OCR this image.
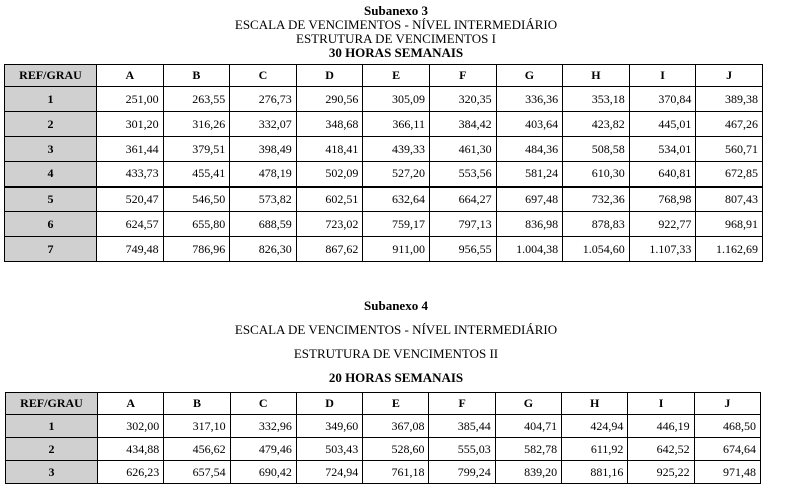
Subanexo 3
ESCALA DE VENCIMENTOS - NÍVEL INTERMEDIÁRIO
ESTRUTURA DE VENCIMENTOS I
30 HORAS SEMANAIS
REF/GRAU	A	B	C	D	E	F	G	H	I	J
1	251,00	263,55	276,73	290,56	305,09	320,35	336,36	353,18	370,84	389,38
2	301,20	316,26	332,07	348,68	366,11	384,42	403,64	423,82	445,01	467,26
3	361,44	379,51	398,49	418,41	439,33	461,30	484,36	508,58	534,01	560,71
4	433,73	455,41	478,19	502,09	527,20	553,56	581,24	610,30	640,81	672,85
5	520,47	546,50	573,82	602,51	632,64	664,27	697,48	732,36	768,98	807,43
6	624,57	655,80	688,59	723,02	759,17	797,13	836,98	878,83	922,77	968,91
7	749,48	786,96	826,30	867,62	911,00	956,55	1.004,38	1.054,60	1.107,33	1.162,69
Subanexo 4
ESCALA DE VENCIMENTOS - NÍVEL INTERMEDIÁRIO
ESTRUTURA DE VENCIMENTOS II
20 HORAS SEMANAIS
REF/GRAU	A	B	C	D	E	F	G	H	I	J
1	302,00	317,10	332,96	349,60	367,08	385,44	404,71	424,94	446,19	468,50
2	434,88	456,62	479,46	503,43	528,60	555,03	582,78	611,92	642,52	674,64
3	626,23	657,54	690,42	724,94	761,18	799,24	839,20	881,16	925,22	971,48
